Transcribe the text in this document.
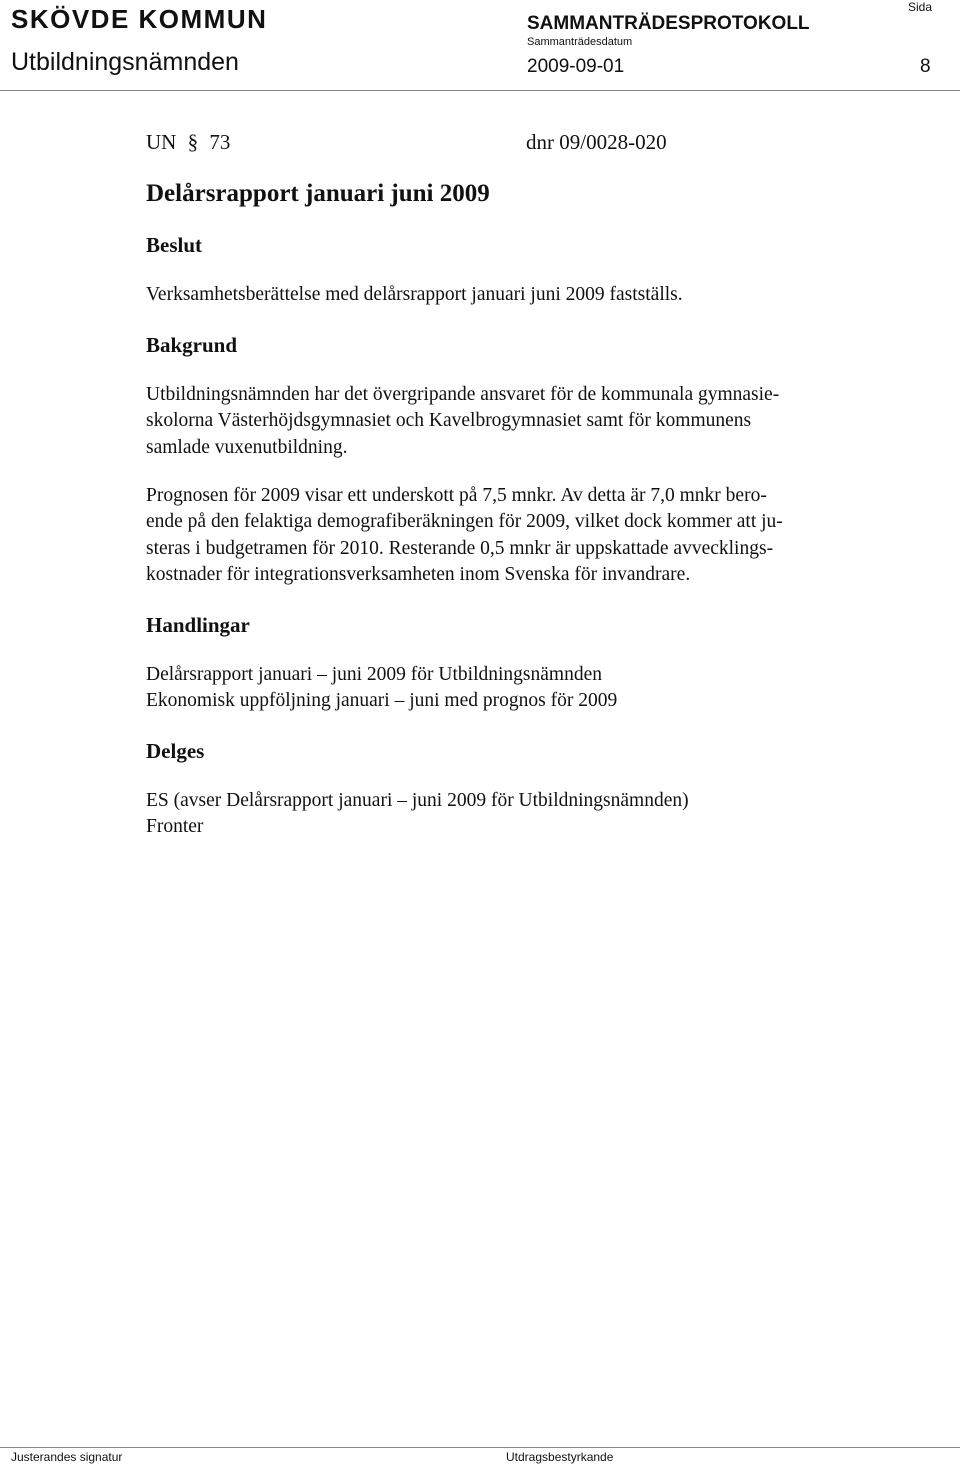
SKÖVDE KOMMUN
Utbildningsnämnden
SAMMANTRÄDESPROTOKOLL
Sida
Sammanträdesdatum
2009-09-01	8
UN § 73	dnr 09/0028-020
Delårsrapport januari juni 2009
Beslut
Verksamhetsberättelse med delårsrapport januari juni 2009 fastställs.
Bakgrund
Utbildningsnämnden har det övergripande ansvaret för de kommunala gymnasie-
skolorna Västerhöjdsgymnasiet och Kavelbrogymnasiet samt för kommunens
samlade vuxenutbildning.
Prognosen för 2009 visar ett underskott på 7,5 mnkr. Av detta är 7,0 mnkr bero-
ende på den felaktiga demografiberäkningen för 2009, vilket dock kommer att ju-
steras i budgetramen för 2010. Resterande 0,5 mnkr är uppskattade avvecklings-
kostnader för integrationsverksamheten inom Svenska för invandrare.
Handlingar
Delårsrapport januari – juni 2009 för Utbildningsnämnden
Ekonomisk uppföljning januari – juni med prognos för 2009
Delges
ES (avser Delårsrapport januari – juni 2009 för Utbildningsnämnden)
Fronter
Justerandes signatur	Utdragsbestyrkande
